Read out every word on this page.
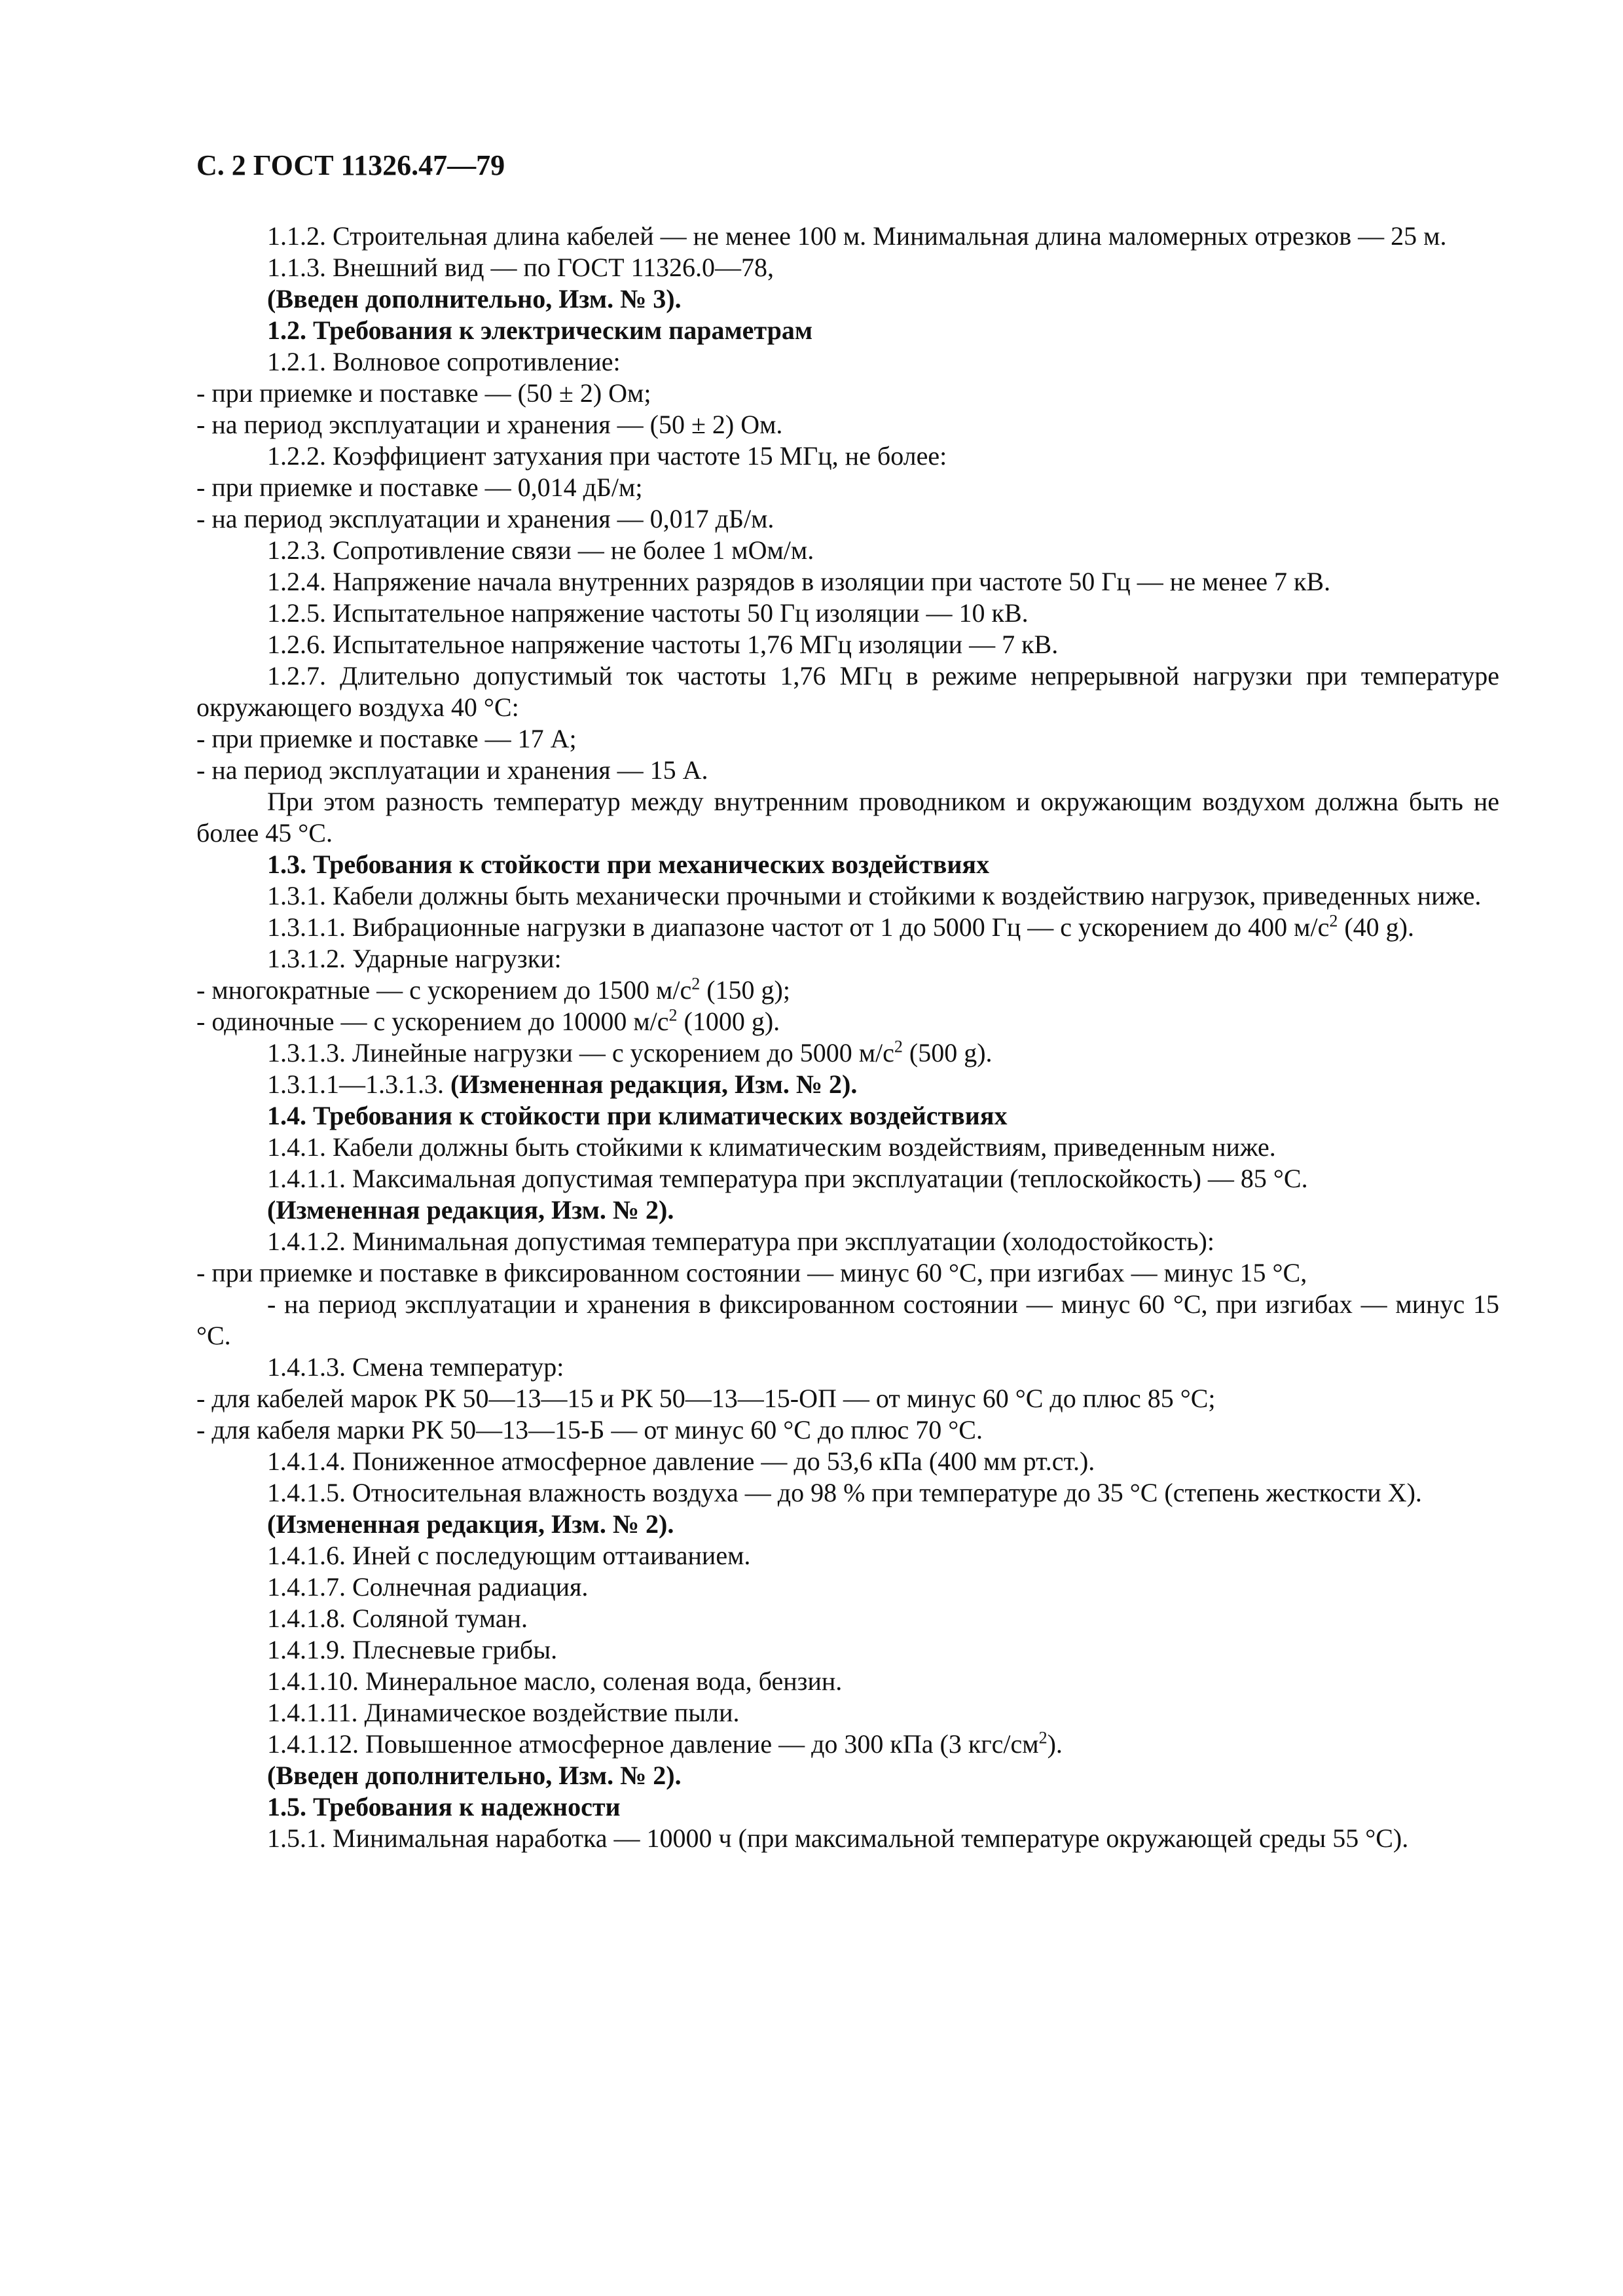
С. 2 ГОСТ 11326.47—79

1.1.2. Строительная длина кабелей — не менее 100 м. Минимальная длина маломерных отрезков — 25 м.

1.1.3. Внешний вид — по ГОСТ 11326.0—78,

(Введен дополнительно, Изм. № 3).

1.2. Требования к электрическим параметрам

1.2.1. Волновое сопротивление:

- при приемке и поставке — (50 ± 2) Ом;

- на период эксплуатации и хранения — (50 ± 2) Ом.

1.2.2. Коэффициент затухания при частоте 15 МГц, не более:

- при приемке и поставке — 0,014 дБ/м;

- на период эксплуатации и хранения — 0,017 дБ/м.

1.2.3. Сопротивление связи — не более 1 мОм/м.

1.2.4. Напряжение начала внутренних разрядов в изоляции при частоте 50 Гц — не менее 7 кВ.

1.2.5. Испытательное напряжение частоты 50 Гц изоляции — 10 кВ.

1.2.6. Испытательное напряжение частоты 1,76 МГц изоляции — 7 кВ.

1.2.7. Длительно допустимый ток частоты 1,76 МГц в режиме непрерывной нагрузки при температуре окружающего воздуха 40 °С:

- при приемке и поставке — 17 А;

- на период эксплуатации и хранения — 15 А.

При этом разность температур между внутренним проводником и окружающим воздухом должна быть не более 45 °С.

1.3. Требования к стойкости при механических воздействиях

1.3.1. Кабели должны быть механически прочными и стойкими к воздействию нагрузок, приведенных ниже.

1.3.1.1. Вибрационные нагрузки в диапазоне частот от 1 до 5000 Гц — с ускорением до 400 $м/с^2$ (40 g).

1.3.1.2. Ударные нагрузки:

- многократные — с ускорением до 1500 $м/с^2$ (150 g);

- одиночные — с ускорением до 10000 $м/с^2$ (1000 g).

1.3.1.3. Линейные нагрузки — с ускорением до 5000 $м/с^2$ (500 g).

1.3.1.1—1.3.1.3. (Измененная редакция, Изм. № 2).

1.4. Требования к стойкости при климатических воздействиях

1.4.1. Кабели должны быть стойкими к климатическим воздействиям, приведенным ниже.

1.4.1.1. Максимальная допустимая температура при эксплуатации (теплоскойкость) — 85 °С.

(Измененная редакция, Изм. № 2).

1.4.1.2. Минимальная допустимая температура при эксплуатации (холодостойкость):

- при приемке и поставке в фиксированном состоянии — минус 60 °С, при изгибах — минус 15 °С,

- на период эксплуатации и хранения в фиксированном состоянии — минус 60 °С, при изгибах — минус 15 °С.

1.4.1.3. Смена температур:

- для кабелей марок РК 50—13—15 и РК 50—13—15-ОП — от минус 60 °С до плюс 85 °С;

- для кабеля марки РК 50—13—15-Б — от минус 60 °С до плюс 70 °С.

1.4.1.4. Пониженное атмосферное давление — до 53,6 кПа (400 мм рт.ст.).

1.4.1.5. Относительная влажность воздуха — до 98 % при температуре до 35 °С (степень жесткости X).

(Измененная редакция, Изм. № 2).

1.4.1.6. Иней с последующим оттаиванием.

1.4.1.7. Солнечная радиация.

1.4.1.8. Соляной туман.

1.4.1.9. Плесневые грибы.

1.4.1.10. Минеральное масло, соленая вода, бензин.

1.4.1.11. Динамическое воздействие пыли.

1.4.1.12. Повышенное атмосферное давление — до 300 кПа (3 кгс/$см^2$).

(Введен дополнительно, Изм. № 2).

1.5. Требования к надежности

1.5.1. Минимальная наработка — 10000 ч (при максимальной температуре окружающей среды 55 °С).
